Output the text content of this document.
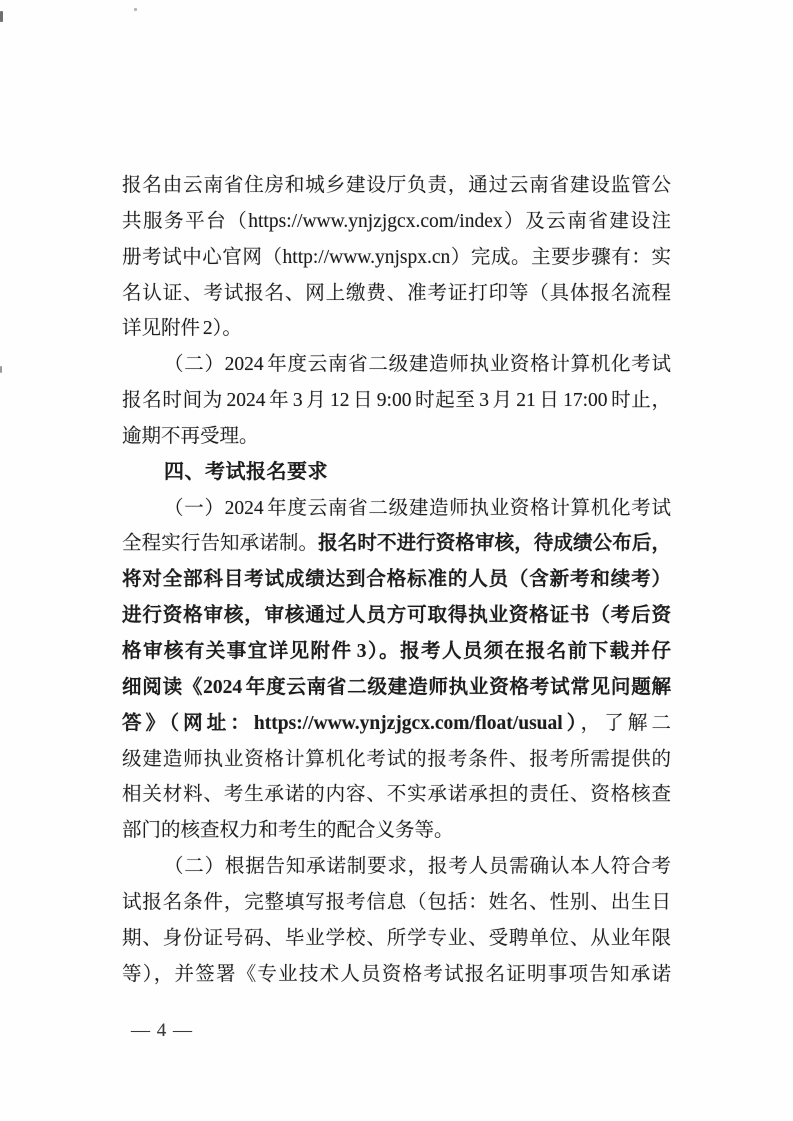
报名由云南省住房和城乡建设厅负责，通过云南省建设监管公
共服务平台（https://www.ynjzjgcx.com/index）及云南省建设注
册考试中心官网（http://www.ynjspx.cn）完成。主要步骤有：实
名认证、考试报名、网上缴费、准考证打印等（具体报名流程
详见附件 2）。
（二）2024 年度云南省二级建造师执业资格计算机化考试
报名时间为 2024 年 3 月 12 日 9:00 时起至 3 月 21 日 17:00 时止，
逾期不再受理。
四、考试报名要求
（一）2024 年度云南省二级建造师执业资格计算机化考试
全程实行告知承诺制。报名时不进行资格审核，待成绩公布后，
将对全部科目考试成绩达到合格标准的人员（含新考和续考）
进行资格审核，审核通过人员方可取得执业资格证书（考后资
格审核有关事宜详见附件 3）。报考人员须在报名前下载并仔
细阅读《2024 年度云南省二级建造师执业资格考试常见问题解
答》（网址：https://www.ynjzjgcx.com/float/usual），了解二
级建造师执业资格计算机化考试的报考条件、报考所需提供的
相关材料、考生承诺的内容、不实承诺承担的责任、资格核查
部门的核查权力和考生的配合义务等。
（二）根据告知承诺制要求，报考人员需确认本人符合考
试报名条件，完整填写报考信息（包括：姓名、性别、出生日
期、身份证号码、毕业学校、所学专业、受聘单位、从业年限
等），并签署《专业技术人员资格考试报名证明事项告知承诺
— 4 —
